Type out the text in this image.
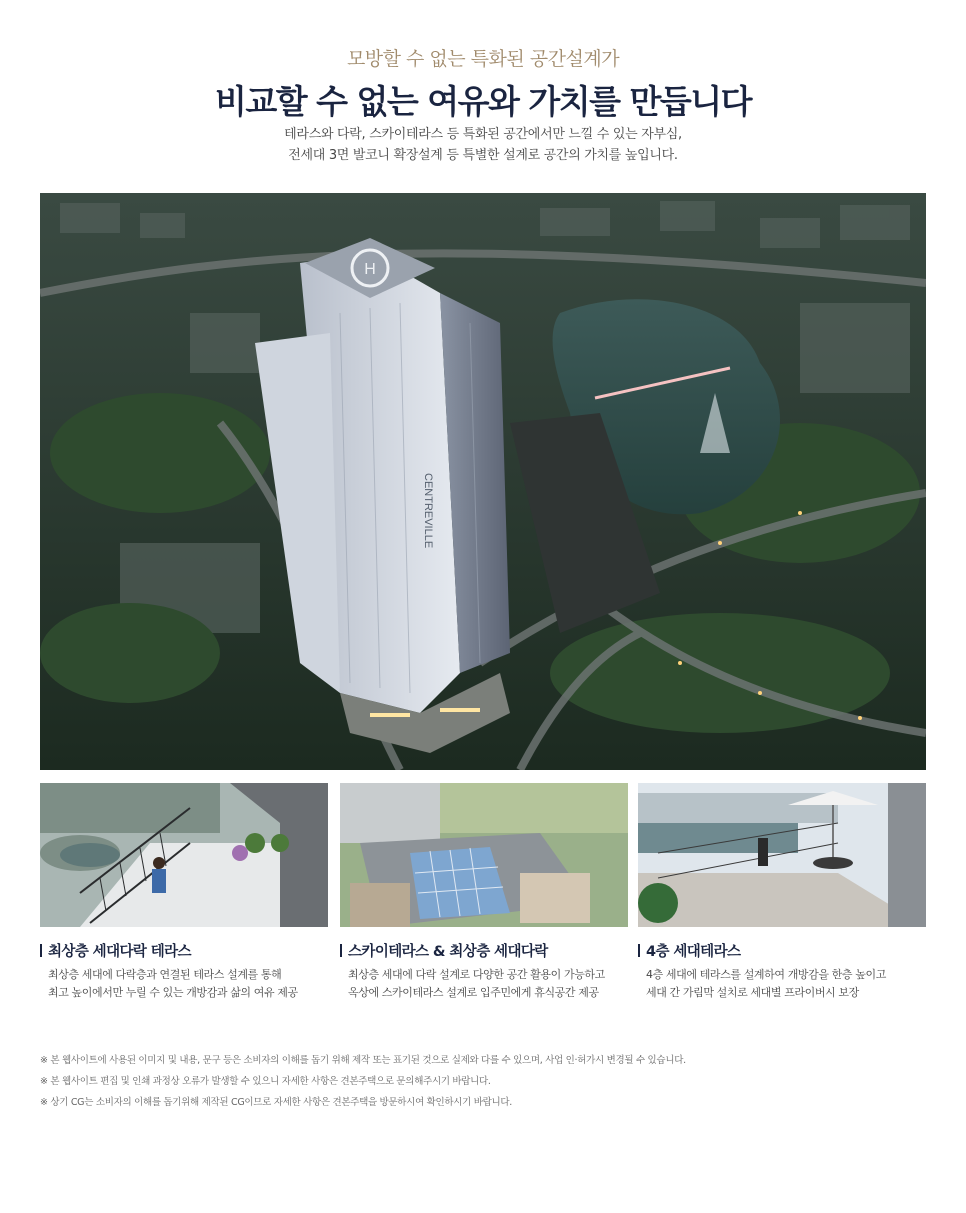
모방할 수 없는 특화된 공간설계가
비교할 수 없는 여유와 가치를 만듭니다
테라스와 다락, 스카이테라스 등 특화된 공간에서만 느낄 수 있는 자부심,
전세대 3면 발코니 확장설계 등 특별한 설계로 공간의 가치를 높입니다.
H
CENTREVILLE
최상층 세대다락 테라스
최상층 세대에 다락층과 연결된 테라스 설계를 통해
최고 높이에서만 누릴 수 있는 개방감과 삶의 여유 제공
스카이테라스 & 최상층 세대다락
최상층 세대에 다락 설계로 다양한 공간 활용이 가능하고
옥상에 스카이테라스 설계로 입주민에게 휴식공간 제공
4층 세대테라스
4층 세대에 테라스를 설계하여 개방감을 한층 높이고
세대 간 가림막 설치로 세대별 프라이버시 보장

※ 본 웹사이트에 사용된 이미지 및 내용, 문구 등은 소비자의 이해를 돕기 위해 제작 또는 표기된 것으로 실제와 다를 수 있으며, 사업 인·허가시 변경될 수 있습니다.

※ 본 웹사이트 편집 및 인쇄 과정상 오류가 발생할 수 있으니 자세한 사항은 견본주택으로 문의해주시기 바랍니다.

※ 상기 CG는 소비자의 이해를 돕기위해 제작된 CG이므로 자세한 사항은 견본주택을 방문하시여 확인하시기 바랍니다.
